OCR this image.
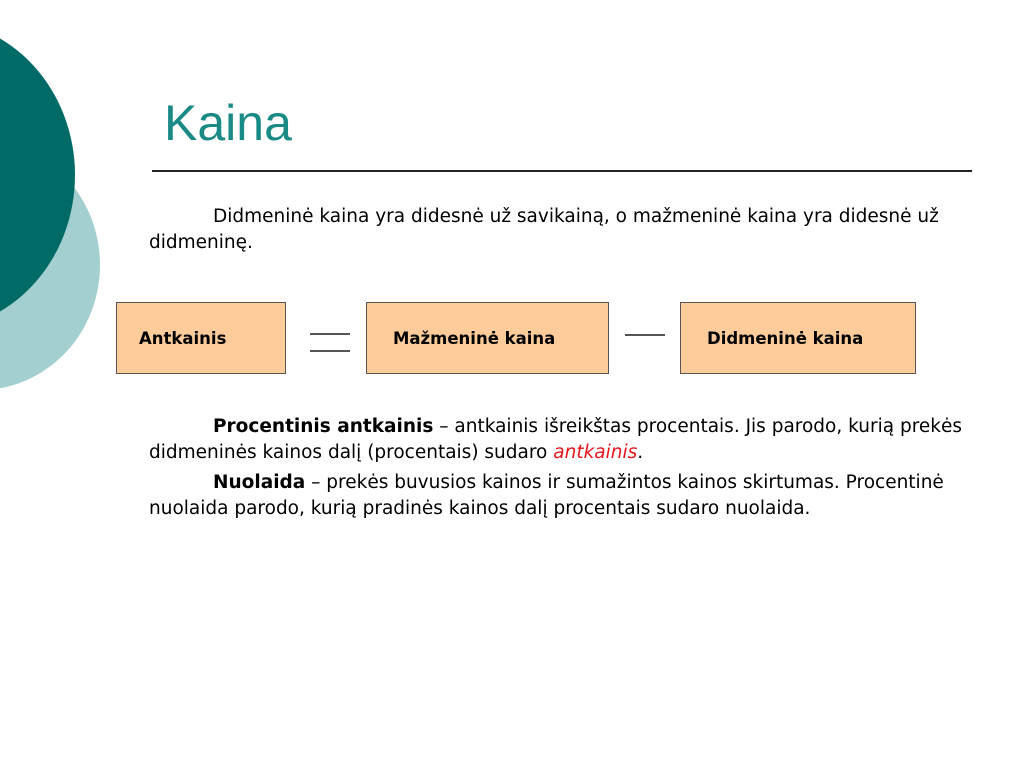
Kaina
Didmeninė kaina yra didesnė už savikainą, o mažmeninė kaina yra didesnė už didmeninę.
Antkainis	Mažmeninė kaina	Didmeninė kaina
Procentinis antkainis – antkainis išreikštas procentais. Jis parodo, kurią prekės didmeninės kainos dalį (procentais) sudaro antkainis.
Nuolaida – prekės buvusios kainos ir sumažintos kainos skirtumas. Procentinė nuolaida parodo, kurią pradinės kainos dalį procentais sudaro nuolaida.
